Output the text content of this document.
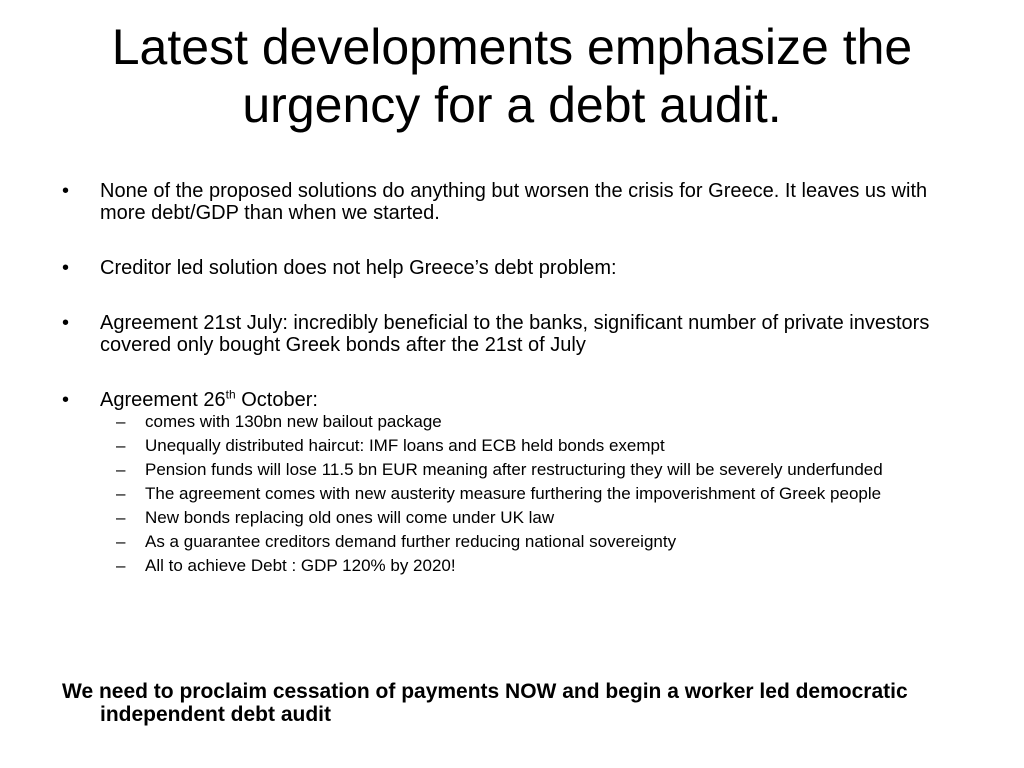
Latest developments emphasize the urgency for a debt audit.
•	None of the proposed solutions do anything but worsen the crisis for Greece. It leaves us with more debt/GDP than when we started.
•	Creditor led solution does not help Greece’s debt problem:
•	Agreement 21st July: incredibly beneficial to the banks, significant number of private investors covered only bought Greek bonds after the 21st of July
•	Agreement 26th October:
– comes with 130bn new bailout package
– Unequally distributed haircut: IMF loans and ECB held bonds exempt
– Pension funds will lose 11.5 bn EUR meaning after restructuring they will be severely underfunded
– The agreement comes with new austerity measure furthering the impoverishment of Greek people
– New bonds replacing old ones will come under UK law
– As a guarantee creditors demand further reducing national sovereignty
– All to achieve Debt : GDP 120% by 2020!
We need to proclaim cessation of payments NOW and begin a worker led democratic independent debt audit
